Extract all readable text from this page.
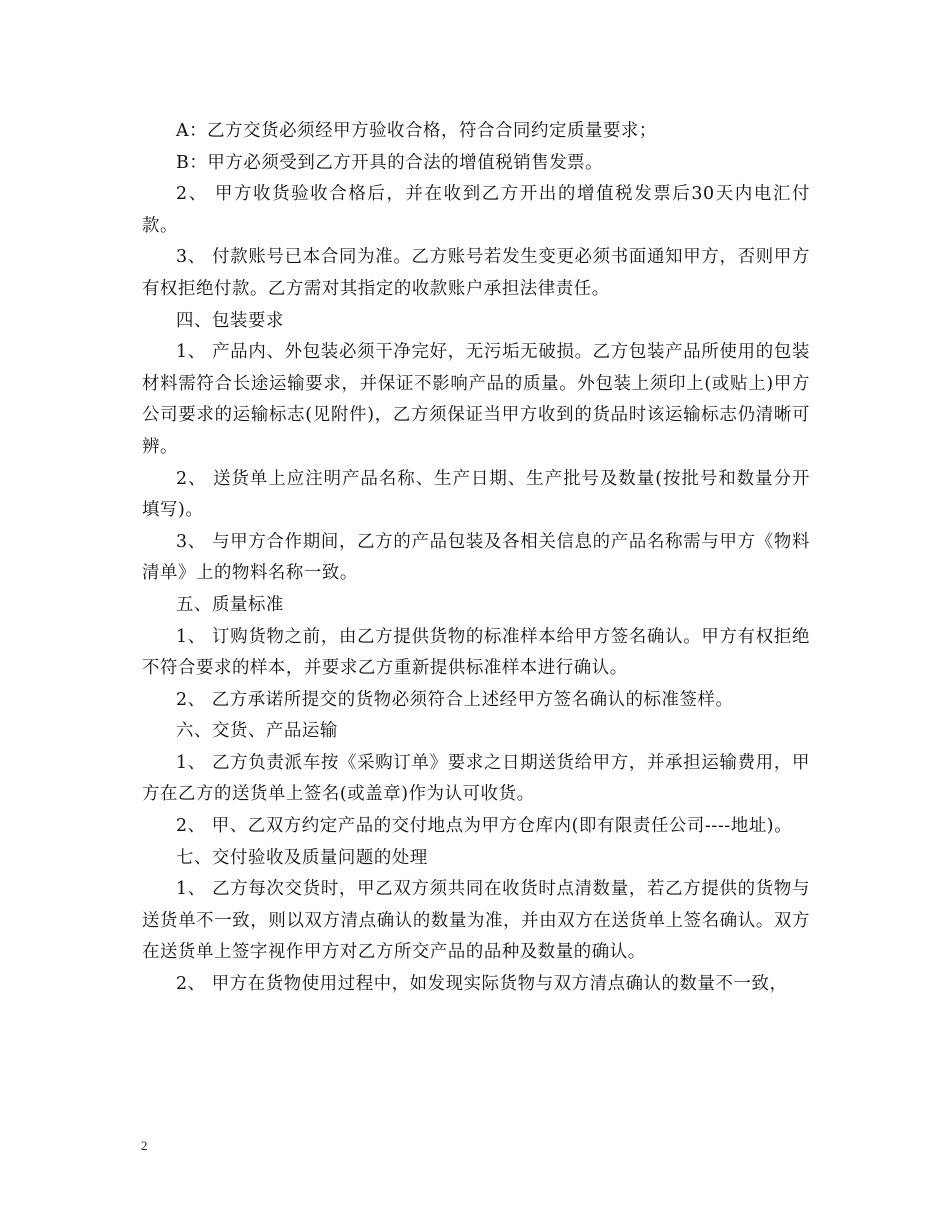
A：乙方交货必须经甲方验收合格，符合合同约定质量要求；

B：甲方必须受到乙方开具的合法的增值税销售发票。

2、 甲方收货验收合格后，并在收到乙方开出的增值税发票后30天内电汇付款。

3、 付款账号已本合同为准。乙方账号若发生变更必须书面通知甲方，否则甲方有权拒绝付款。乙方需对其指定的收款账户承担法律责任。

四、包装要求

1、 产品内、外包装必须干净完好，无污垢无破损。乙方包装产品所使用的包装材料需符合长途运输要求，并保证不影响产品的质量。外包装上须印上(或贴上)甲方公司要求的运输标志(见附件)，乙方须保证当甲方收到的货品时该运输标志仍清晰可辨。

2、 送货单上应注明产品名称、生产日期、生产批号及数量(按批号和数量分开填写)。

3、 与甲方合作期间，乙方的产品包装及各相关信息的产品名称需与甲方《物料清单》上的物料名称一致。

五、质量标准

1、 订购货物之前，由乙方提供货物的标准样本给甲方签名确认。甲方有权拒绝不符合要求的样本，并要求乙方重新提供标准样本进行确认。

2、 乙方承诺所提交的货物必须符合上述经甲方签名确认的标准签样。

六、交货、产品运输

1、 乙方负责派车按《采购订单》要求之日期送货给甲方，并承担运输费用，甲方在乙方的送货单上签名(或盖章)作为认可收货。

2、 甲、乙双方约定产品的交付地点为甲方仓库内(即有限责任公司----地址)。

七、交付验收及质量问题的处理

1、 乙方每次交货时，甲乙双方须共同在收货时点清数量，若乙方提供的货物与送货单不一致，则以双方清点确认的数量为准，并由双方在送货单上签名确认。双方在送货单上签字视作甲方对乙方所交产品的品种及数量的确认。

2、 甲方在货物使用过程中，如发现实际货物与双方清点确认的数量不一致，

2
